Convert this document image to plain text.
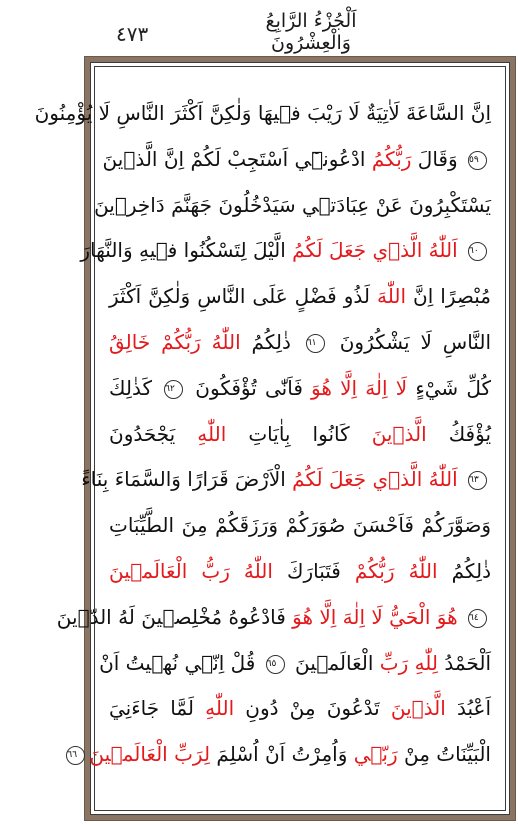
٤٧٣
اَلْجُزْءُ الرَّابِعُ وَالْعِشْرُونَ
اِنَّ السَّاعَةَ لَاٰتِيَةٌ لَا رَيْبَ فٖيهَا وَلٰكِنَّ اَكْثَرَ النَّاسِ لَا يُؤْمِنُونَ
٥٩ وَقَالَ رَبُّكُمُ ادْعُونٖٓي اَسْتَجِبْ لَكُمْ اِنَّ الَّذٖينَ
يَسْتَكْبِرُونَ عَنْ عِبَادَتٖي سَيَدْخُلُونَ جَهَنَّمَ دَاخِرٖينَ
٦٠ اَللّٰهُ الَّذٖي جَعَلَ لَكُمُ الَّيْلَ لِتَسْكُنُوا فٖيهِ وَالنَّهَارَ
مُبْصِرًا اِنَّ اللّٰهَ لَذُو فَضْلٍ عَلَى النَّاسِ وَلٰكِنَّ اَكْثَرَ
النَّاسِ لَا يَشْكُرُونَ ٦١ ذٰلِكُمُ اللّٰهُ رَبُّكُمْ خَالِقُ
كُلِّ شَيْءٍ لَا اِلٰهَ اِلَّا هُوَ فَاَنّٰى تُؤْفَكُونَ ٦٢ كَذٰلِكَ
يُؤْفَكُ الَّذٖينَ كَانُوا بِاٰيَاتِ اللّٰهِ يَجْحَدُونَ
٦٣ اَللّٰهُ الَّذٖي جَعَلَ لَكُمُ الْاَرْضَ قَرَارًا وَالسَّمَاءَ بِنَاءً
وَصَوَّرَكُمْ فَاَحْسَنَ صُوَرَكُمْ وَرَزَقَكُمْ مِنَ الطَّيِّبَاتِ
ذٰلِكُمُ اللّٰهُ رَبُّكُمْ فَتَبَارَكَ اللّٰهُ رَبُّ الْعَالَمٖينَ
٦٤ هُوَ الْحَيُّ لَا اِلٰهَ اِلَّا هُوَ فَادْعُوهُ مُخْلِصٖينَ لَهُ الدّٖينَ
اَلْحَمْدُ لِلّٰهِ رَبِّ الْعَالَمٖينَ ٦٥ قُلْ اِنّٖي نُهٖيتُ اَنْ
اَعْبُدَ الَّذٖينَ تَدْعُونَ مِنْ دُونِ اللّٰهِ لَمَّا جَاءَنِيَ
الْبَيِّنَاتُ مِنْ رَبّٖي وَاُمِرْتُ اَنْ اُسْلِمَ لِرَبِّ الْعَالَمٖينَ٦٦
